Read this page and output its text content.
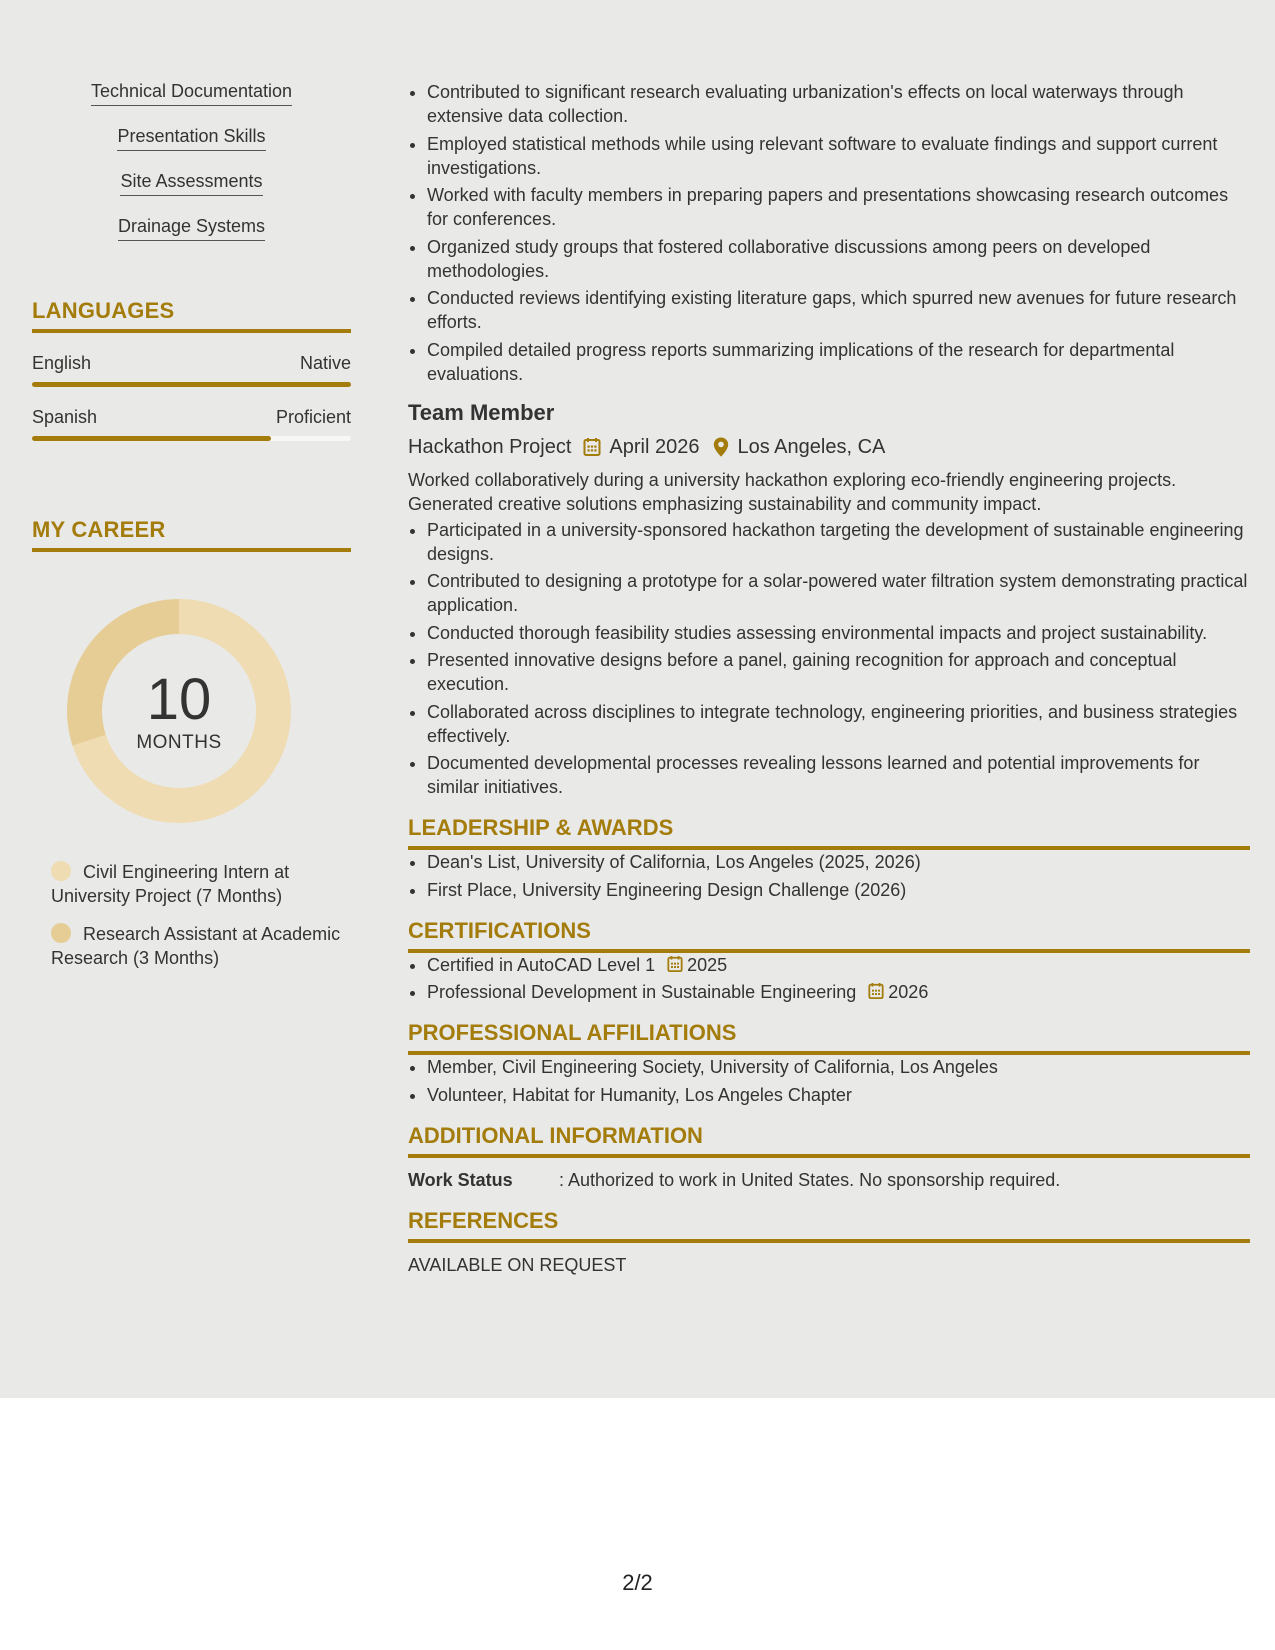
Technical Documentation
Presentation Skills
Site Assessments
Drainage Systems
LANGUAGES
English	Native
Spanish	Proficient
MY CAREER
10
MONTHS
Civil Engineering Intern at University Project (7 Months)
Research Assistant at Academic Research (3 Months)
• Contributed to significant research evaluating urbanization's effects on local waterways through extensive data collection.
• Employed statistical methods while using relevant software to evaluate findings and support current investigations.
• Worked with faculty members in preparing papers and presentations showcasing research outcomes for conferences.
• Organized study groups that fostered collaborative discussions among peers on developed methodologies.
• Conducted reviews identifying existing literature gaps, which spurred new avenues for future research efforts.
• Compiled detailed progress reports summarizing implications of the research for departmental evaluations.
Team Member
Hackathon Project April 2026 Los Angeles, CA
Worked collaboratively during a university hackathon exploring eco-friendly engineering projects. Generated creative solutions emphasizing sustainability and community impact.
• Participated in a university-sponsored hackathon targeting the development of sustainable engineering designs.
• Contributed to designing a prototype for a solar-powered water filtration system demonstrating practical application.
• Conducted thorough feasibility studies assessing environmental impacts and project sustainability.
• Presented innovative designs before a panel, gaining recognition for approach and conceptual execution.
• Collaborated across disciplines to integrate technology, engineering priorities, and business strategies effectively.
• Documented developmental processes revealing lessons learned and potential improvements for similar initiatives.
LEADERSHIP & AWARDS
• Dean's List, University of California, Los Angeles (2025, 2026)
• First Place, University Engineering Design Challenge (2026)
CERTIFICATIONS
• Certified in AutoCAD Level 1 2025
• Professional Development in Sustainable Engineering 2026
PROFESSIONAL AFFILIATIONS
• Member, Civil Engineering Society, University of California, Los Angeles
• Volunteer, Habitat for Humanity, Los Angeles Chapter
ADDITIONAL INFORMATION
Work Status	: Authorized to work in United States. No sponsorship required.
REFERENCES
AVAILABLE ON REQUEST
2/2
